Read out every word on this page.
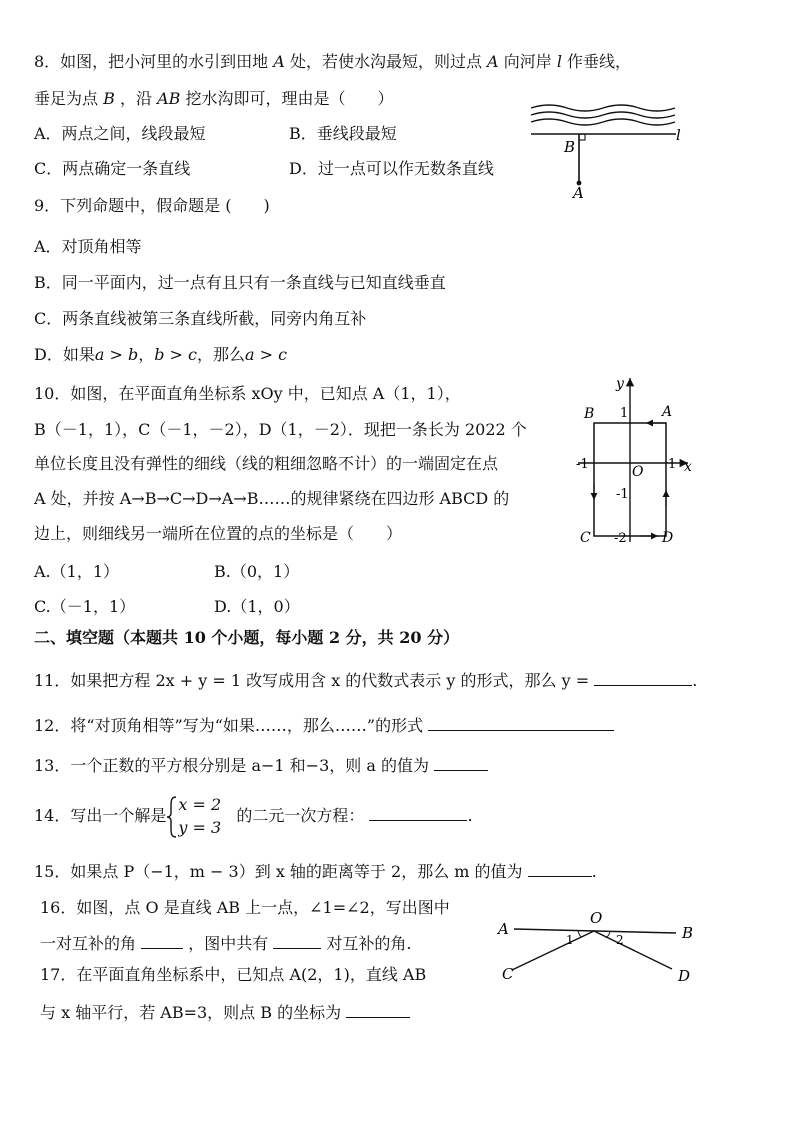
8．如图，把小河里的水引到田地 A 处，若使水沟最短，则过点 A 向河岸 l 作垂线，
垂足为点 B ，沿 AB 挖水沟即可，理由是（　　）
A．两点之间，线段最短	B．垂线段最短
C．两点确定一条直线	D．过一点可以作无数条直线
B
l
A
9．下列命题中，假命题是 (　　)
A．对顶角相等
B．同一平面内，过一点有且只有一条直线与已知直线垂直
C．两条直线被第三条直线所截，同旁内角互补
D．如果a > b，b > c，那么a > c
10．如图，在平面直角坐标系 xOy 中，已知点 A（1，1），
B（－1，1），C（－1，－2），D（1，－2）．现把一条长为 2022 个
单位长度且没有弹性的细线（线的粗细忽略不计）的一端固定在点
A 处，并按 A→B→C→D→A→B……的规律紧绕在四边形 ABCD 的
边上，则细线另一端所在位置的点的坐标是（　　）
A.（1，1）	B.（0，1）
C.（－1，1）	D.（1，0）
y
x
B	A
C	D
O
1
-1
-1
1
-2
二、填空题（本题共 10 个小题，每小题 2 分，共 20 分）
11．如果把方程 2x + y = 1 改写成用含 x 的代数式表示 y 的形式，那么 y =	.
12．将“对顶角相等”写为“如果……，那么……”的形式
13．一个正数的平方根分别是 a−1 和−3，则 a 的值为
14．写出一个解是
x = 2
y = 3
的二元一次方程：	.
15．如果点 P（−1，m − 3）到 x 轴的距离等于 2，那么 m 的值为	.
16．如图，点 O 是直线 AB 上一点，∠1=∠2，写出图中
一对互补的角	，图中共有	对互补的角.
A
O
B
C	D
1	2
17．在平面直角坐标系中，已知点 A(2，1)，直线 AB
与 x 轴平行，若 AB=3，则点 B 的坐标为
